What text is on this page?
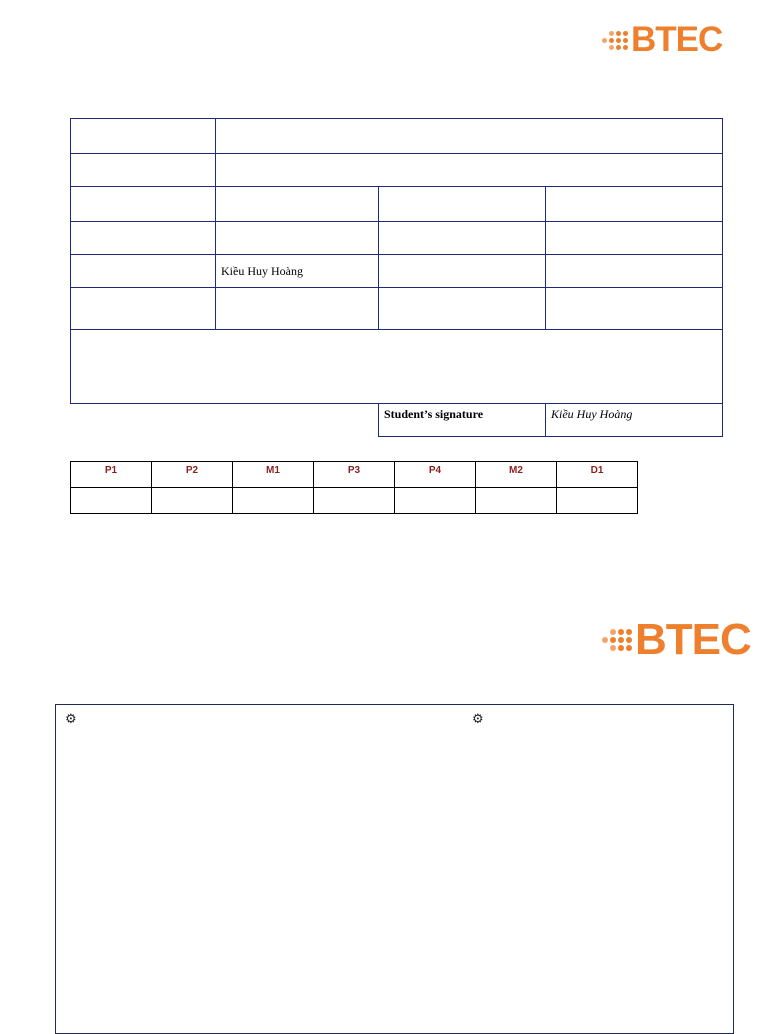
BTEC

	Kiều Huy Hoàng		

		Student’s signature	Kiều Huy Hoàng
P1	P2	M1	P3	P4	M2	D1

BTEC
⚙	⚙
